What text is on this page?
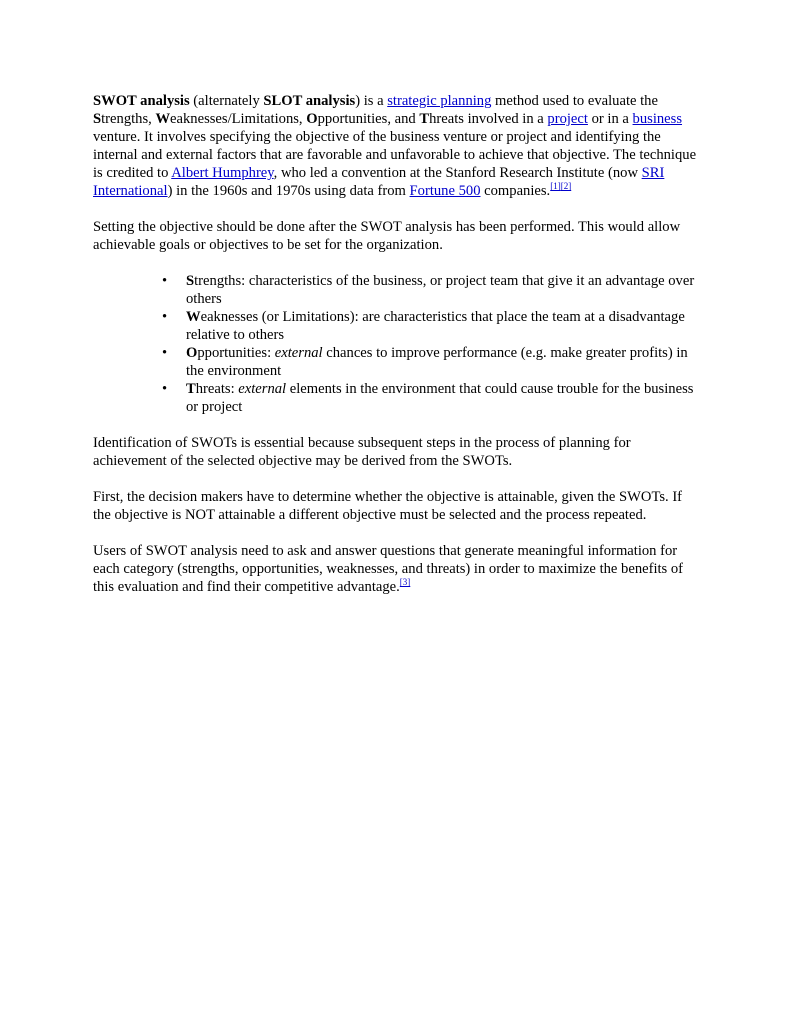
SWOT analysis (alternately SLOT analysis) is a strategic planning method used to evaluate the Strengths, Weaknesses/Limitations, Opportunities, and Threats involved in a project or in a business venture. It involves specifying the objective of the business venture or project and identifying the internal and external factors that are favorable and unfavorable to achieve that objective. The technique is credited to Albert Humphrey, who led a convention at the Stanford Research Institute (now SRI International) in the 1960s and 1970s using data from Fortune 500 companies.[1][2]

Setting the objective should be done after the SWOT analysis has been performed. This would allow achievable goals or objectives to be set for the organization.

• Strengths: characteristics of the business, or project team that give it an advantage over others
• Weaknesses (or Limitations): are characteristics that place the team at a disadvantage relative to others
• Opportunities: external chances to improve performance (e.g. make greater profits) in the environment
• Threats: external elements in the environment that could cause trouble for the business or project

Identification of SWOTs is essential because subsequent steps in the process of planning for achievement of the selected objective may be derived from the SWOTs.

First, the decision makers have to determine whether the objective is attainable, given the SWOTs. If the objective is NOT attainable a different objective must be selected and the process repeated.

Users of SWOT analysis need to ask and answer questions that generate meaningful information for each category (strengths, opportunities, weaknesses, and threats) in order to maximize the benefits of this evaluation and find their competitive advantage.[3]
